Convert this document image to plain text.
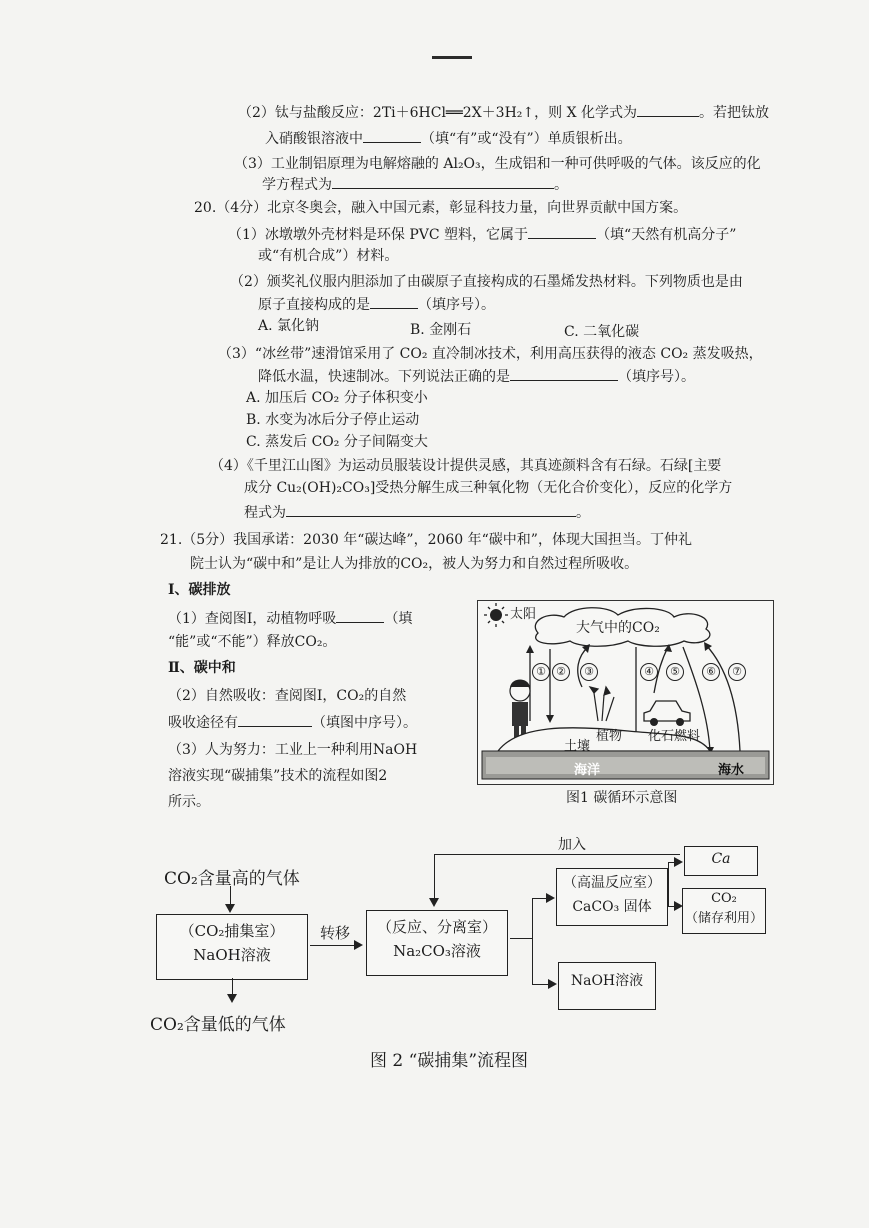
（2）钛与盐酸反应：2Ti＋6HCl══2X＋3H₂↑，则 X 化学式为	。若把钛放
入硝酸银溶液中	（填“有”或“没有”）单质银析出。
（3）工业制铝原理为电解熔融的 Al₂O₃，生成铝和一种可供呼吸的气体。该反应的化
学方程式为	。
20.（4分）北京冬奥会，融入中国元素，彰显科技力量，向世界贡献中国方案。
（1）冰墩墩外壳材料是环保 PVC 塑料，它属于	（填“天然有机高分子”
或“有机合成”）材料。
（2）颁奖礼仪服内胆添加了由碳原子直接构成的石墨烯发热材料。下列物质也是由
原子直接构成的是	（填序号）。
A. 氯化钠	B. 金刚石	C. 二氧化碳
（3）“冰丝带”速滑馆采用了 CO₂ 直冷制冰技术，利用高压获得的液态 CO₂ 蒸发吸热，
降低水温，快速制冰。下列说法正确的是	（填序号）。
A. 加压后 CO₂ 分子体积变小
B. 水变为冰后分子停止运动
C. 蒸发后 CO₂ 分子间隔变大
（4）《千里江山图》为运动员服装设计提供灵感，其真迹颜料含有石绿。石绿[主要
成分 Cu₂(OH)₂CO₃]受热分解生成三种氧化物（无化合价变化），反应的化学方
程式为	。
21.（5分）我国承诺：2030 年“碳达峰”，2060 年“碳中和”，体现大国担当。丁仲礼
院士认为“碳中和”是让人为排放的CO₂，被人为努力和自然过程所吸收。
Ⅰ、碳排放
（1）查阅图Ⅰ，动植物呼吸	（填
“能”或“不能”）释放CO₂。
Ⅱ、碳中和
（2）自然吸收：查阅图Ⅰ，CO₂的自然
吸收途径有	（填图中序号）。
（3）人为努力：工业上一种利用NaOH
溶液实现“碳捕集”技术的流程如图2
所示。
太阳
大气中的CO₂
① ②	③	④	⑤	⑥	⑦
植物 化石燃料
土壤
海洋	海水
图1 碳循环示意图
CO₂含量高的气体
（CO₂捕集室）
NaOH溶液
CO₂含量低的气体
转移	（反应、分离室）
Na₂CO₃溶液
（高温反应室）
CaCO₃ 固体
NaOH溶液
Ca
CO₂
（储存利用）
加入
图 2 “碳捕集”流程图
